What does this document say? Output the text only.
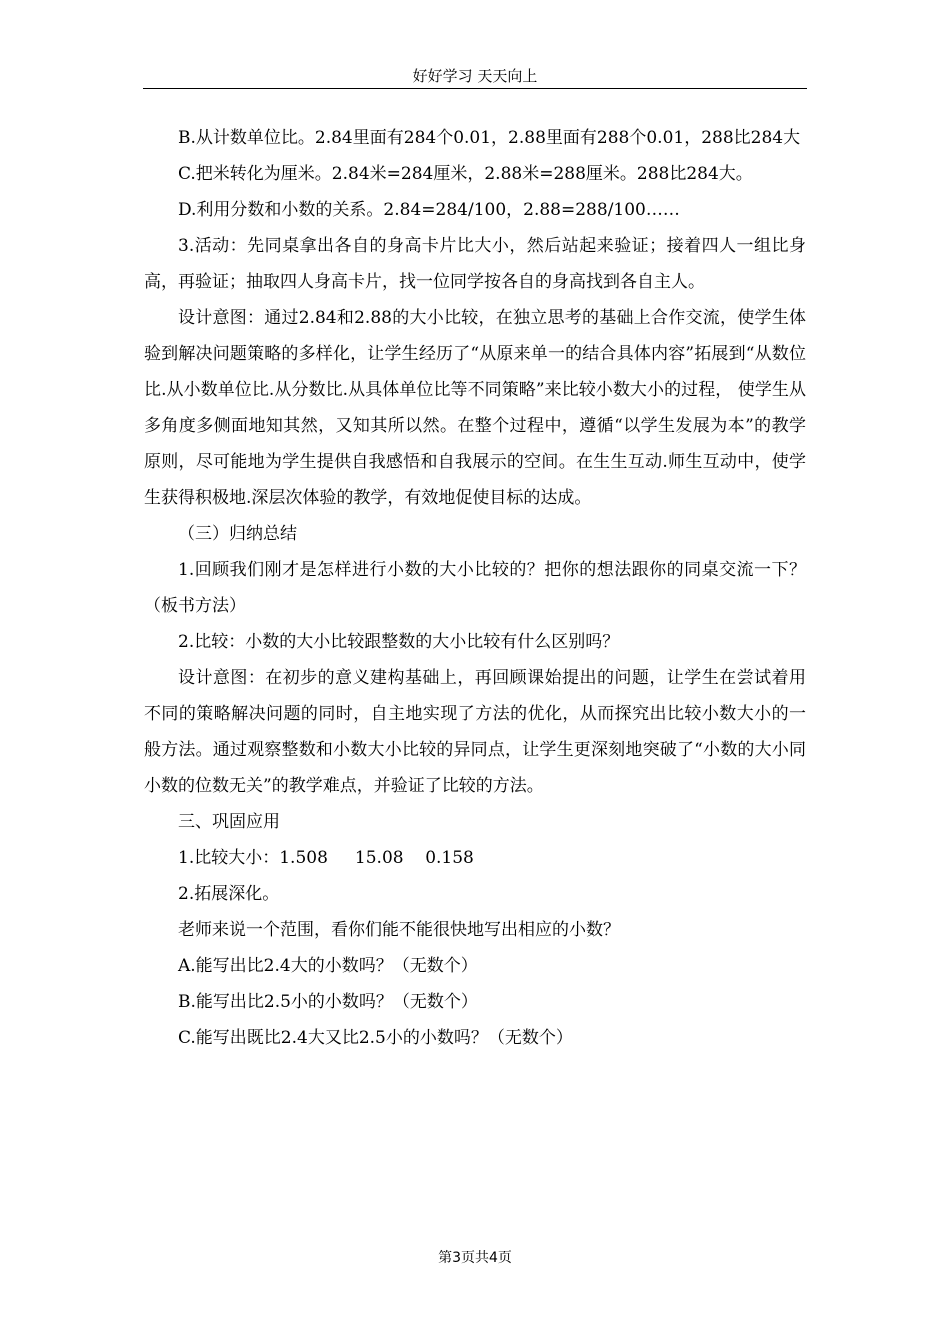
好好学习 天天向上

B.从计数单位比。2.84里面有284个0.01，2.88里面有288个0.01，288比284大

C.把米转化为厘米。2.84米=284厘米，2.88米=288厘米。288比284大。

D.利用分数和小数的关系。2.84=284/100，2.88=288/100……

3.活动：先同桌拿出各自的身高卡片比大小，然后站起来验证；接着四人一组比身高，再验证；抽取四人身高卡片，找一位同学按各自的身高找到各自主人。

设计意图：通过2.84和2.88的大小比较，在独立思考的基础上合作交流，使学生体验到解决问题策略的多样化，让学生经历了“从原来单一的结合具体内容”拓展到“从数位比.从小数单位比.从分数比.从具体单位比等不同策略”来比较小数大小的过程， 使学生从多角度多侧面地知其然，又知其所以然。在整个过程中，遵循“以学生发展为本”的教学原则，尽可能地为学生提供自我感悟和自我展示的空间。在生生互动.师生互动中，使学生获得积极地.深层次体验的教学，有效地促使目标的达成。

（三）归纳总结

1.回顾我们刚才是怎样进行小数的大小比较的？把你的想法跟你的同桌交流一下？（板书方法）

2.比较：小数的大小比较跟整数的大小比较有什么区别吗？

设计意图：在初步的意义建构基础上，再回顾课始提出的问题，让学生在尝试着用不同的策略解决问题的同时，自主地实现了方法的优化，从而探究出比较小数大小的一般方法。通过观察整数和小数大小比较的异同点，让学生更深刻地突破了“小数的大小同小数的位数无关”的教学难点，并验证了比较的方法。

三、巩固应用

1.比较大小：1.508     15.08    0.158

2.拓展深化。

老师来说一个范围，看你们能不能很快地写出相应的小数？

A.能写出比2.4大的小数吗？（无数个）

B.能写出比2.5小的小数吗？（无数个）

C.能写出既比2.4大又比2.5小的小数吗？（无数个）

第3页共4页
